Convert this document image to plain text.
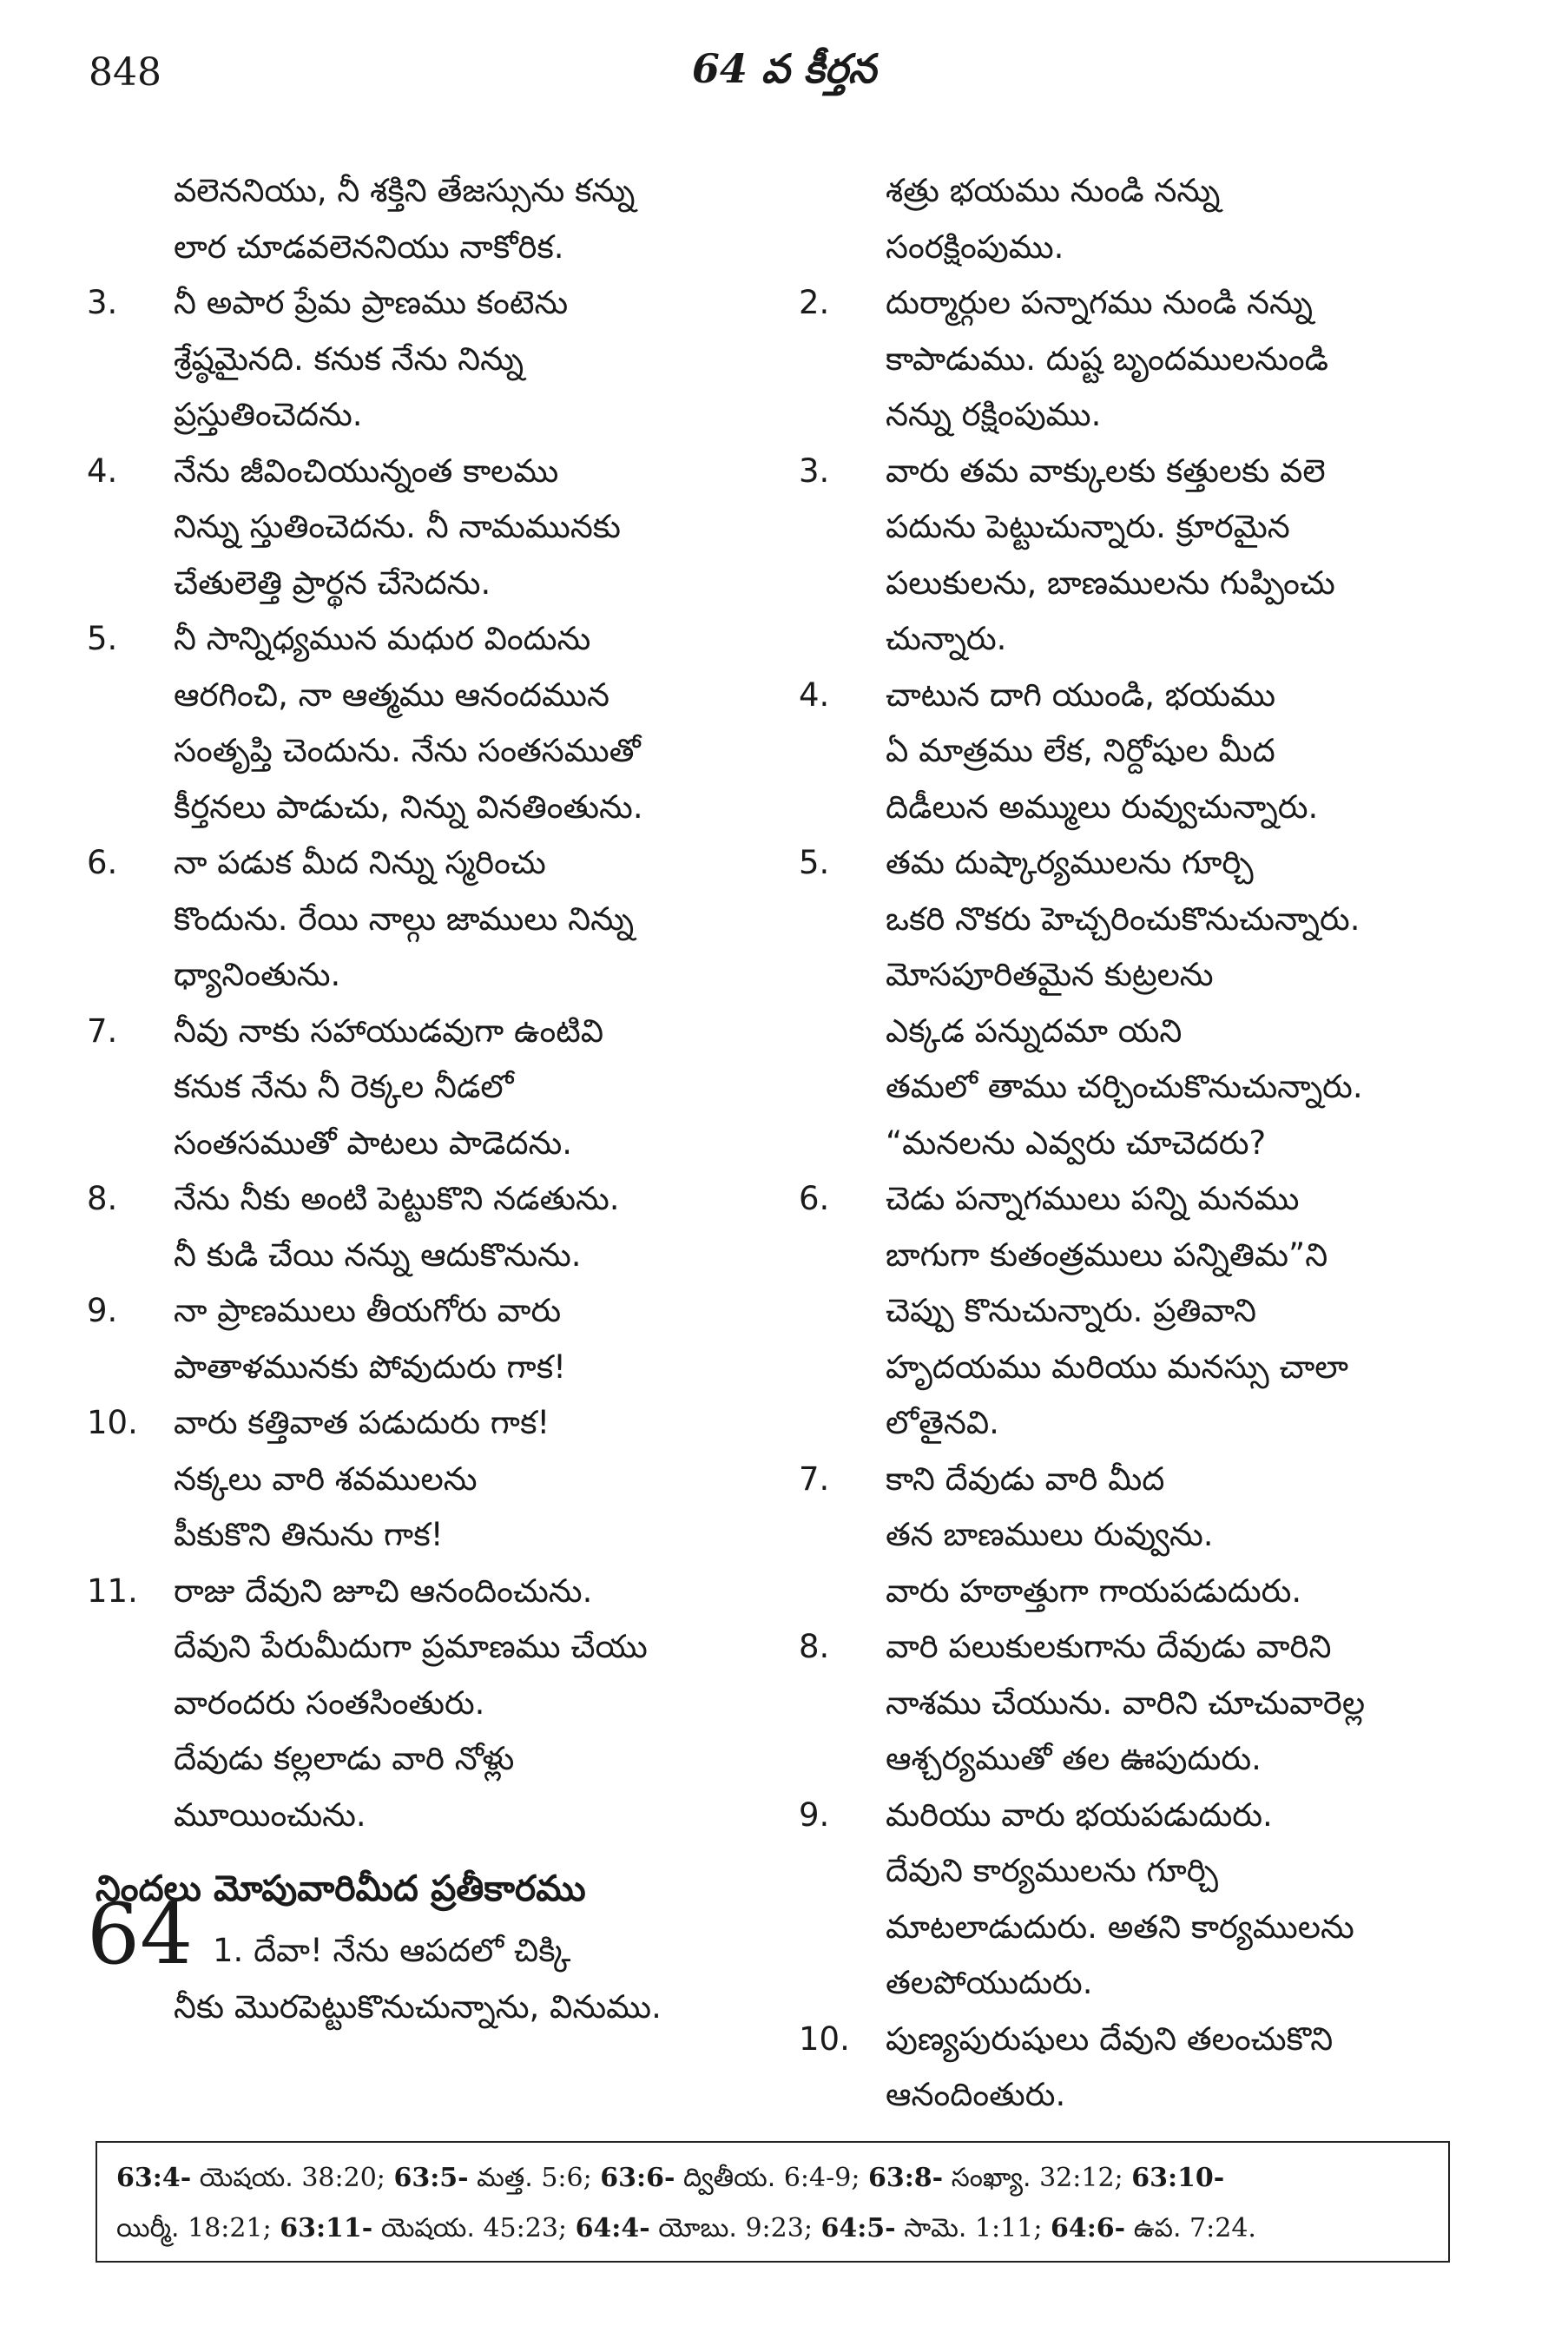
848	64 వ కీర్తన
వలెననియు, నీ శక్తిని తేజస్సును కన్ను
లార చూడవలెననియు నాకోరిక.
3. నీ అపార ప్రేమ ప్రాణము కంటెను
శ్రేష్ఠమైనది. కనుక నేను నిన్ను
ప్రస్తుతించెదను.
4. నేను జీవించియున్నంత కాలము
నిన్ను స్తుతించెదను. నీ నామమునకు
చేతులెత్తి ప్రార్థన చేసెదను.
5. నీ సాన్నిధ్యమున మధుర విందును
ఆరగించి, నా ఆత్మము ఆనందమున
సంతృప్తి చెందును. నేను సంతసముతో
కీర్తనలు పాడుచు, నిన్ను వినతింతును.
6. నా పడుక మీద నిన్ను స్మరించు
కొందును. రేయి నాల్గు జాములు నిన్ను
ధ్యానింతును.
7. నీవు నాకు సహాయుడవుగా ఉంటివి
కనుక నేను నీ రెక్కల నీడలో
సంతసముతో పాటలు పాడెదను.
8. నేను నీకు అంటి పెట్టుకొని నడతును.
నీ కుడి చేయి నన్ను ఆదుకొనును.
9. నా ప్రాణములు తీయగోరు వారు
పాతాళమునకు పోవుదురు గాక!
10. వారు కత్తివాత పడుదురు గాక!
నక్కలు వారి శవములను
పీకుకొని తినును గాక!
11. రాజు దేవుని జూచి ఆనందించును.
దేవుని పేరుమీదుగా ప్రమాణము చేయు
వారందరు సంతసింతురు.
దేవుడు కల్లలాడు వారి నోళ్లు
మూయించును.
నిందలు మోపువారిమీద ప్రతీకారము
64 1. దేవా! నేను ఆపదలో చిక్కి
నీకు మొరపెట్టుకొనుచున్నాను, వినుము.
శత్రు భయము నుండి నన్ను
సంరక్షింపుము.
2. దుర్మార్గుల పన్నాగము నుండి నన్ను
కాపాడుము. దుష్ట బృందములనుండి
నన్ను రక్షింపుము.
3. వారు తమ వాక్కులకు కత్తులకు వలె
పదును పెట్టుచున్నారు. క్రూరమైన
పలుకులను, బాణములను గుప్పించు
చున్నారు.
4. చాటున దాగి యుండి, భయము
ఏ మాత్రము లేక, నిర్దోషుల మీద
దిడీలున అమ్ములు రువ్వుచున్నారు.
5. తమ దుష్కార్యములను గూర్చి
ఒకరి నొకరు హెచ్చరించుకొనుచున్నారు.
మోసపూరితమైన కుట్రలను
ఎక్కడ పన్నుదమా యని
తమలో తాము చర్చించుకొనుచున్నారు.
“మనలను ఎవ్వరు చూచెదరు?
6. చెడు పన్నాగములు పన్ని మనము
బాగుగా కుతంత్రములు పన్నితిమ”ని
చెప్పు కొనుచున్నారు. ప్రతివాని
హృదయము మరియు మనస్సు చాలా
లోతైనవి.
7. కాని దేవుడు వారి మీద
తన బాణములు రువ్వును.
వారు హఠాత్తుగా గాయపడుదురు.
8. వారి పలుకులకుగాను దేవుడు వారిని
నాశము చేయును. వారిని చూచువారెల్ల
ఆశ్చర్యముతో తల ఊపుదురు.
9. మరియు వారు భయపడుదురు.
దేవుని కార్యములను గూర్చి
మాటలాడుదురు. అతని కార్యములను
తలపోయుదురు.
10. పుణ్యపురుషులు దేవుని తలంచుకొని
ఆనందింతురు.
63:4- యెషయ. 38:20; 63:5- మత్త. 5:6; 63:6- ద్వితీయ. 6:4-9; 63:8- సంఖ్యా. 32:12; 63:10-
యిర్మీ. 18:21; 63:11- యెషయ. 45:23; 64:4- యోబు. 9:23; 64:5- సామె. 1:11; 64:6- ఉప. 7:24.
